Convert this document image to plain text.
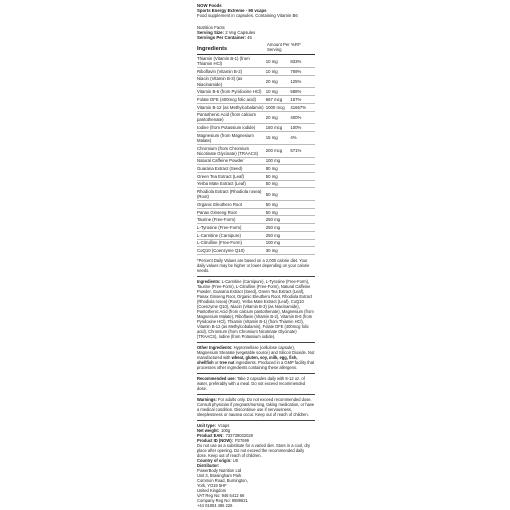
NOW Foods

Sports Energy Extreme - 90 vcaps

Food supplement in capsules. Containing Vitamin B6

Nutrition Facts

Serving Size: 2 Veg Capsules

Servings Per Container: 45

Ingredients
Amount Per Serving
%RI*
Thiamin (Vitamin B-1) (from Thiamin HCl)	10 mg	833%
Riboflavin (Vitamin B-2)	10 mg	769%
Niacin (Vitamin B-3) (as Niacinamide)	20 mg	125%
Vitamin B-6 (from Pyridoxine HCl)	10 mg	588%
Folate DFE (400mcg folic acid)	667 mcg	167%
Vitamin B-12 (as Methylcobalamin)	1000 mcg	41667%
Pantothenic Acid (from calcium pantothenate)	20 mg	400%
Iodine (from Potassium iodide)	150 mcg	100%
Magnesium (from Magnesium Malate)	15 mg	4%
Chromium (from Chromium Nicotinate Glycinate) (TRAACS)	200 mcg	571%
Natural Caffeine Powder	100 mg	
Guarana Extract (Seed)	80 mg	
Green Tea Extract (Leaf)	50 mg	
Yerba Mate Extract (Leaf)	50 mg	
Rhodiola Extract (Rhodiola rosea) (Root)	50 mg	
Organic Eleuthero Root	50 mg	
Panax Ginseng Root	50 mg	
Taurine (Free-Form)	250 mg	
L-Tyrosine (Free-Form)	250 mg	
L-Carnitine (Carnipure)	250 mg	
L-Citrulline (Free-Form)	100 mg	
CoQ10 (Coenzyme Q10)	30 mg	

*Percent Daily Values are based on a 2,000 calorie diet. Your daily values may be higher or lower depending on your calorie needs.

Ingredients: L-Carnitine (Carnipure), L-Tyrosine (Free-Form), Taurine (Free-Form), L-Citrulline (Free-Form), Natural Caffeine Powder, Guarana Extract (Seed), Green Tea Extract (Leaf), Panax Ginseng Root, Organic Eleuthero Root, Rhodiola Extract (Rhodiola rosea) (Root), Yerba Mate Extract (Leaf), CoQ10 (Coenzyme Q10), Niacin (Vitamin B-3) (as Niacinamide), Pantothenic Acid (from calcium pantothenate), Magnesium (from Magnesium Malate), Riboflavin (Vitamin B-2), Vitamin B-6 (from Pyridoxine HCl), Thiamin (Vitamin B-1) (from Thiamin HCl), Vitamin B-12 (as Methylcobalamin), Folate DFE (400mcg folic acid), Chromium (from Chromium Nicotinate Glycinate) (TRAACS), Iodine (from Potassium iodide).

Other Ingredients: Hypromellose (cellulose capsule), Magnesium Stearate (vegetable source) and Silicon Dioxide. Not manufactured with wheat, gluten, soy, milk, egg, fish, shellfish or tree nut ingredients. Produced in a GMP facility that processes other ingredients containing these allergens.

Recommended use: Take 2 capsules daily with 8-12 oz. of water, preferably with a meal. Do not exceed recommended dose.

Warnings: For adults only. Do not exceed recommended dose. Consult physician if pregnant/nursing, taking medication, or have a medical condition. Discontinue use if nervousness, sleeplessness or nausea occur. Keep out of reach of children.

Unit type: Vcaps
Net weight: 100g
Product EAN: 733739032028
Product ID (NOW): P27699

Do not use as a substitute for a varied diet. Store in a cool, dry place after opening. Do not exceed the recommended daily dose. Keep out of reach of children.

Country of origin: US

Distributor:

PowerBody Nutrition Ltd

Unit 3, Brasingham Park

Common Road, Burnington,

York, YO19 5HF

United Kingdom

VAT Reg No: 946 5412 66

Company Reg No: 8589621

+44 01904 486 226
